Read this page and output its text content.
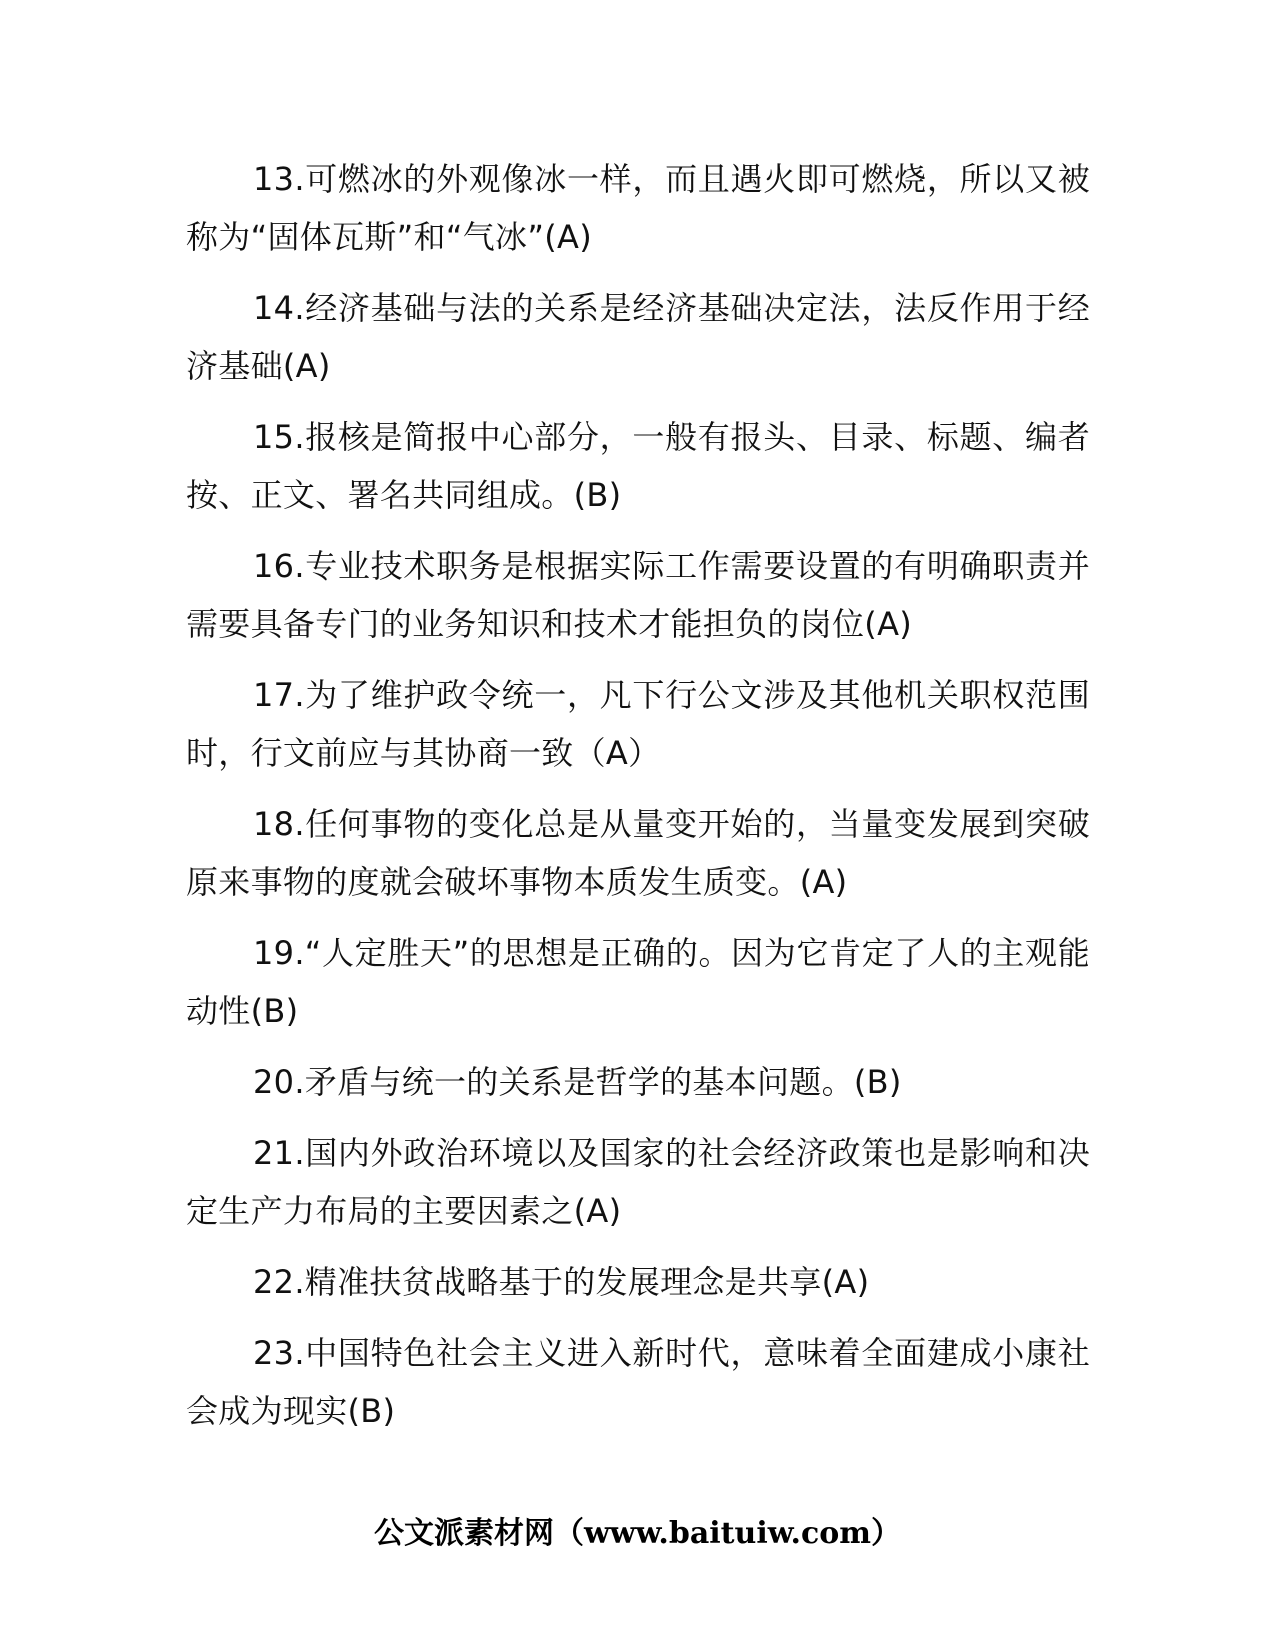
13.可燃冰的外观像冰一样，而且遇火即可燃烧，所以又被称为“固体瓦斯”和“气冰”(A)

14.经济基础与法的关系是经济基础决定法，法反作用于经济基础(A)

15.报核是简报中心部分，一般有报头、目录、标题、编者按、正文、署名共同组成。(B)

16.专业技术职务是根据实际工作需要设置的有明确职责并需要具备专门的业务知识和技术才能担负的岗位(A)

17.为了维护政令统一，凡下行公文涉及其他机关职权范围时，行文前应与其协商一致（A）

18.任何事物的变化总是从量变开始的，当量变发展到突破原来事物的度就会破坏事物本质发生质变。(A)

19.“人定胜天”的思想是正确的。因为它肯定了人的主观能动性(B)

20.矛盾与统一的关系是哲学的基本问题。(B)

21.国内外政治环境以及国家的社会经济政策也是影响和决定生产力布局的主要因素之(A)

22.精准扶贫战略基于的发展理念是共享(A)

23.中国特色社会主义进入新时代，意味着全面建成小康社会成为现实(B)

公文派素材网（www.baituiw.com）
